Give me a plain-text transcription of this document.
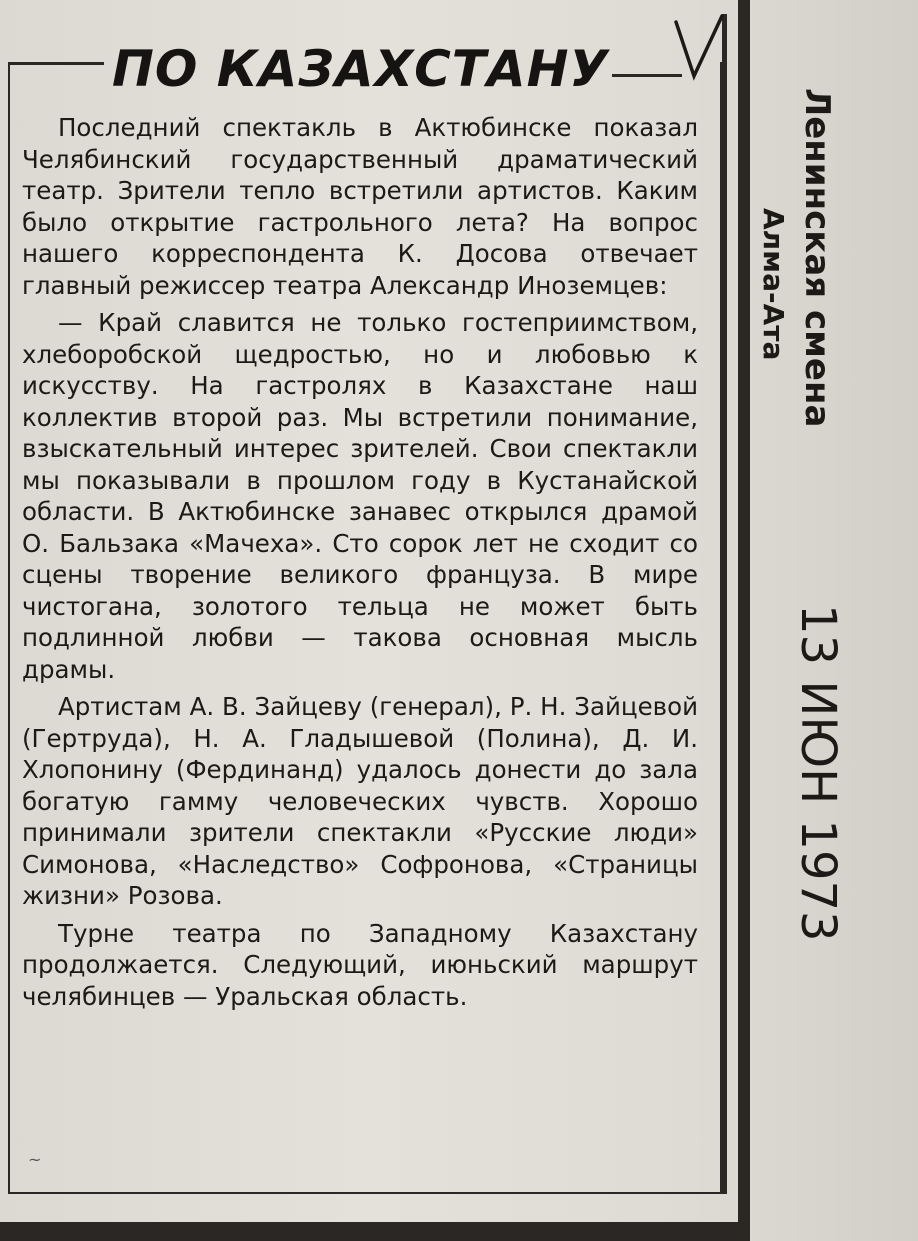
ПО КАЗАХСТАНУ

Последний спектакль в Актюбинске показал Челябинский государственный драматический театр. Зрители тепло встретили артистов. Каким было открытие гастрольного лета? На вопрос нашего корреспондента К. Досова отвечает главный режиссер театра Александр Иноземцев:

— Край славится не только гостеприимством, хлеборобской щедростью, но и любовью к искусству. На гастролях в Казахстане наш коллектив второй раз. Мы встретили понимание, взыскательный интерес зрителей. Свои спектакли мы показывали в прошлом году в Кустанайской области. В Актюбинске занавес открылся драмой О. Бальзака «Мачеха». Сто сорок лет не сходит со сцены творение великого француза. В мире чистогана, золотого тельца не может быть подлинной любви — такова основная мысль драмы.

Артистам А. В. Зайцеву (генерал), Р. Н. Зайцевой (Гертруда), Н. А. Гладышевой (Полина), Д. И. Хлопонину (Фердинанд) удалось донести до зала богатую гамму человеческих чувств. Хорошо принимали зрители спектакли «Русские люди» Симонова, «Наследство» Софронова, «Страницы жизни» Розова.

Турне театра по Западному Казахстану продолжается. Следующий, июньский маршрут челябинцев — Уральская область.

~
Ленинская смена
Алма-Ата
13 ИЮН 1973
